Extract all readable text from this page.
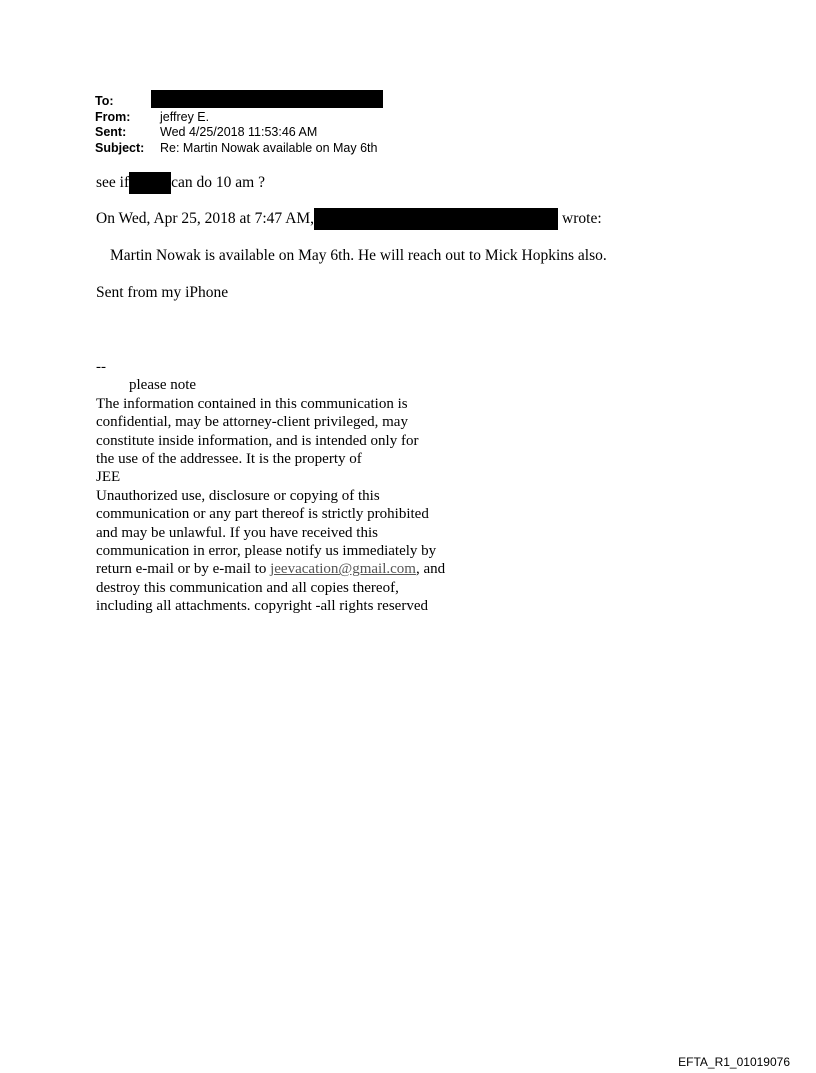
To:
From:	jeffrey E.
Sent:	Wed 4/25/2018 11:53:46 AM
Subject:	Re: Martin Nowak available on May 6th
see if	can do 10 am ?
On Wed, Apr 25, 2018 at 7:47 AM,	wrote:
Martin Nowak is available on May 6th. He will reach out to Mick Hopkins also.
Sent from my iPhone
--
please note
The information contained in this communication is
confidential, may be attorney-client privileged, may
constitute inside information, and is intended only for
the use of the addressee. It is the property of
JEE
Unauthorized use, disclosure or copying of this
communication or any part thereof is strictly prohibited
and may be unlawful. If you have received this
communication in error, please notify us immediately by
return e-mail or by e-mail to jeevacation@gmail.com, and
destroy this communication and all copies thereof,
including all attachments. copyright -all rights reserved
EFTA_R1_01019076
